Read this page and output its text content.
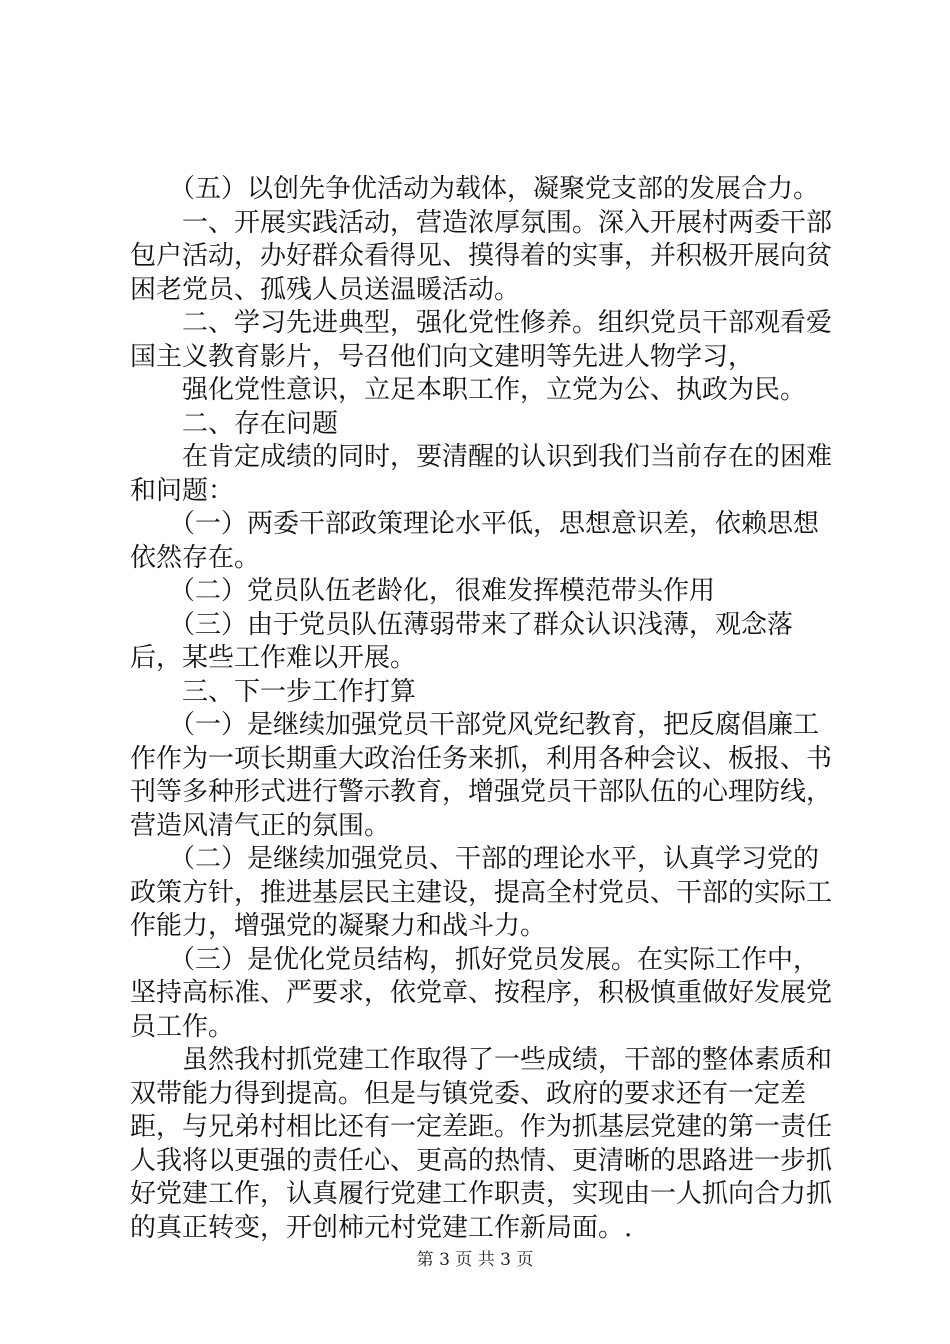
　　（五）以创先争优活动为载体，凝聚党支部的发展合力。

　　一、开展实践活动，营造浓厚氛围。深入开展村两委干部包户活动，办好群众看得见、摸得着的实事，并积极开展向贫困老党员、孤残人员送温暖活动。

　　二、学习先进典型，强化党性修养。组织党员干部观看爱国主义教育影片，号召他们向文建明等先进人物学习，

　　强化党性意识，立足本职工作，立党为公、执政为民。

　　二、存在问题

　　在肯定成绩的同时，要清醒的认识到我们当前存在的困难和问题：

　　（一）两委干部政策理论水平低，思想意识差，依赖思想依然存在。

　　（二）党员队伍老龄化，很难发挥模范带头作用

　　（三）由于党员队伍薄弱带来了群众认识浅薄，观念落后，某些工作难以开展。

　　三、下一步工作打算

　　（一）是继续加强党员干部党风党纪教育，把反腐倡廉工作作为一项长期重大政治任务来抓，利用各种会议、板报、书刊等多种形式进行警示教育，增强党员干部队伍的心理防线，营造风清气正的氛围。

　　（二）是继续加强党员、干部的理论水平，认真学习党的政策方针，推进基层民主建设，提高全村党员、干部的实际工作能力，增强党的凝聚力和战斗力。

　　（三）是优化党员结构，抓好党员发展。在实际工作中，坚持高标准、严要求，依党章、按程序，积极慎重做好发展党员工作。

　　虽然我村抓党建工作取得了一些成绩，干部的整体素质和双带能力得到提高。但是与镇党委、政府的要求还有一定差距，与兄弟村相比还有一定差距。作为抓基层党建的第一责任人我将以更强的责任心、更高的热情、更清晰的思路进一步抓好党建工作，认真履行党建工作职责，实现由一人抓向合力抓的真正转变，开创柿元村党建工作新局面。.

第 3 页 共 3 页
